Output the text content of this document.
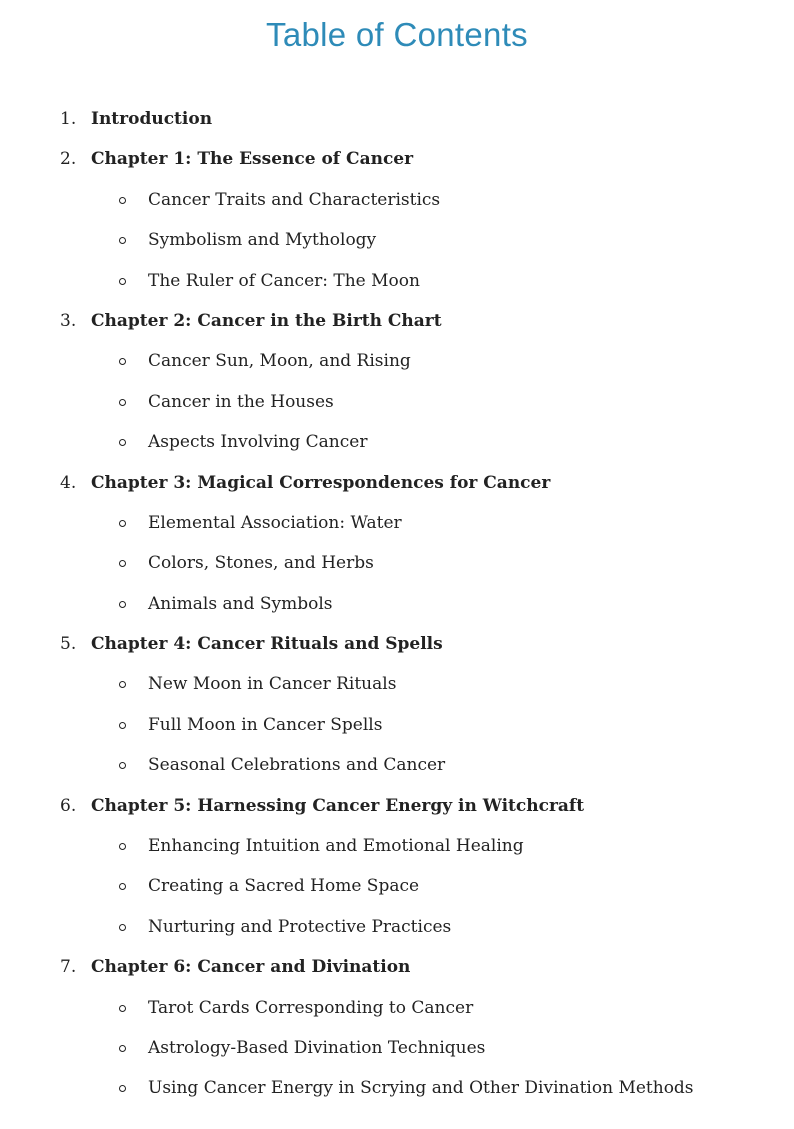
Table of Contents
1. Introduction
2. Chapter 1: The Essence of Cancer
Cancer Traits and Characteristics
Symbolism and Mythology
The Ruler of Cancer: The Moon
3. Chapter 2: Cancer in the Birth Chart
Cancer Sun, Moon, and Rising
Cancer in the Houses
Aspects Involving Cancer
4. Chapter 3: Magical Correspondences for Cancer
Elemental Association: Water
Colors, Stones, and Herbs
Animals and Symbols
5. Chapter 4: Cancer Rituals and Spells
New Moon in Cancer Rituals
Full Moon in Cancer Spells
Seasonal Celebrations and Cancer
6. Chapter 5: Harnessing Cancer Energy in Witchcraft
Enhancing Intuition and Emotional Healing
Creating a Sacred Home Space
Nurturing and Protective Practices
7. Chapter 6: Cancer and Divination
Tarot Cards Corresponding to Cancer
Astrology-Based Divination Techniques
Using Cancer Energy in Scrying and Other Divination Methods
